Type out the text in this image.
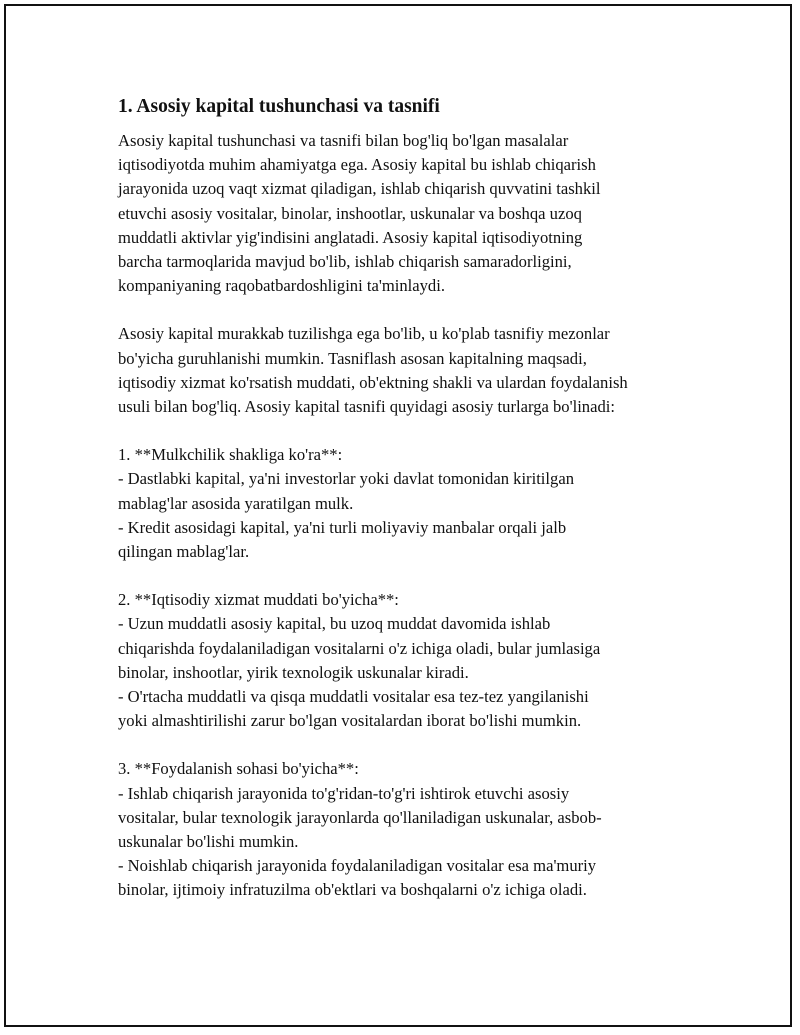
1. Asosiy kapital tushunchasi va tasnifi

Asosiy kapital tushunchasi va tasnifi bilan bog'liq bo'lgan masalalar
iqtisodiyotda muhim ahamiyatga ega. Asosiy kapital bu ishlab chiqarish
jarayonida uzoq vaqt xizmat qiladigan, ishlab chiqarish quvvatini tashkil
etuvchi asosiy vositalar, binolar, inshootlar, uskunalar va boshqa uzoq
muddatli aktivlar yig'indisini anglatadi. Asosiy kapital iqtisodiyotning
barcha tarmoqlarida mavjud bo'lib, ishlab chiqarish samaradorligini,
kompaniyaning raqobatbardoshligini ta'minlaydi.

Asosiy kapital murakkab tuzilishga ega bo'lib, u ko'plab tasnifiy mezonlar
bo'yicha guruhlanishi mumkin. Tasniflash asosan kapitalning maqsadi,
iqtisodiy xizmat ko'rsatish muddati, ob'ektning shakli va ulardan foydalanish
usuli bilan bog'liq. Asosiy kapital tasnifi quyidagi asosiy turlarga bo'linadi:

1. **Mulkchilik shakliga ko'ra**:
- Dastlabki kapital, ya'ni investorlar yoki davlat tomonidan kiritilgan
mablag'lar asosida yaratilgan mulk.
- Kredit asosidagi kapital, ya'ni turli moliyaviy manbalar orqali jalb
qilingan mablag'lar.

2. **Iqtisodiy xizmat muddati bo'yicha**:
- Uzun muddatli asosiy kapital, bu uzoq muddat davomida ishlab
chiqarishda foydalaniladigan vositalarni o'z ichiga oladi, bular jumlasiga
binolar, inshootlar, yirik texnologik uskunalar kiradi.
- O'rtacha muddatli va qisqa muddatli vositalar esa tez-tez yangilanishi
yoki almashtirilishi zarur bo'lgan vositalardan iborat bo'lishi mumkin.

3. **Foydalanish sohasi bo'yicha**:
- Ishlab chiqarish jarayonida to'g'ridan-to'g'ri ishtirok etuvchi asosiy
vositalar, bular texnologik jarayonlarda qo'llaniladigan uskunalar, asbob-
uskunalar bo'lishi mumkin.
- Noishlab chiqarish jarayonida foydalaniladigan vositalar esa ma'muriy
binolar, ijtimoiy infratuzilma ob'ektlari va boshqalarni o'z ichiga oladi.
